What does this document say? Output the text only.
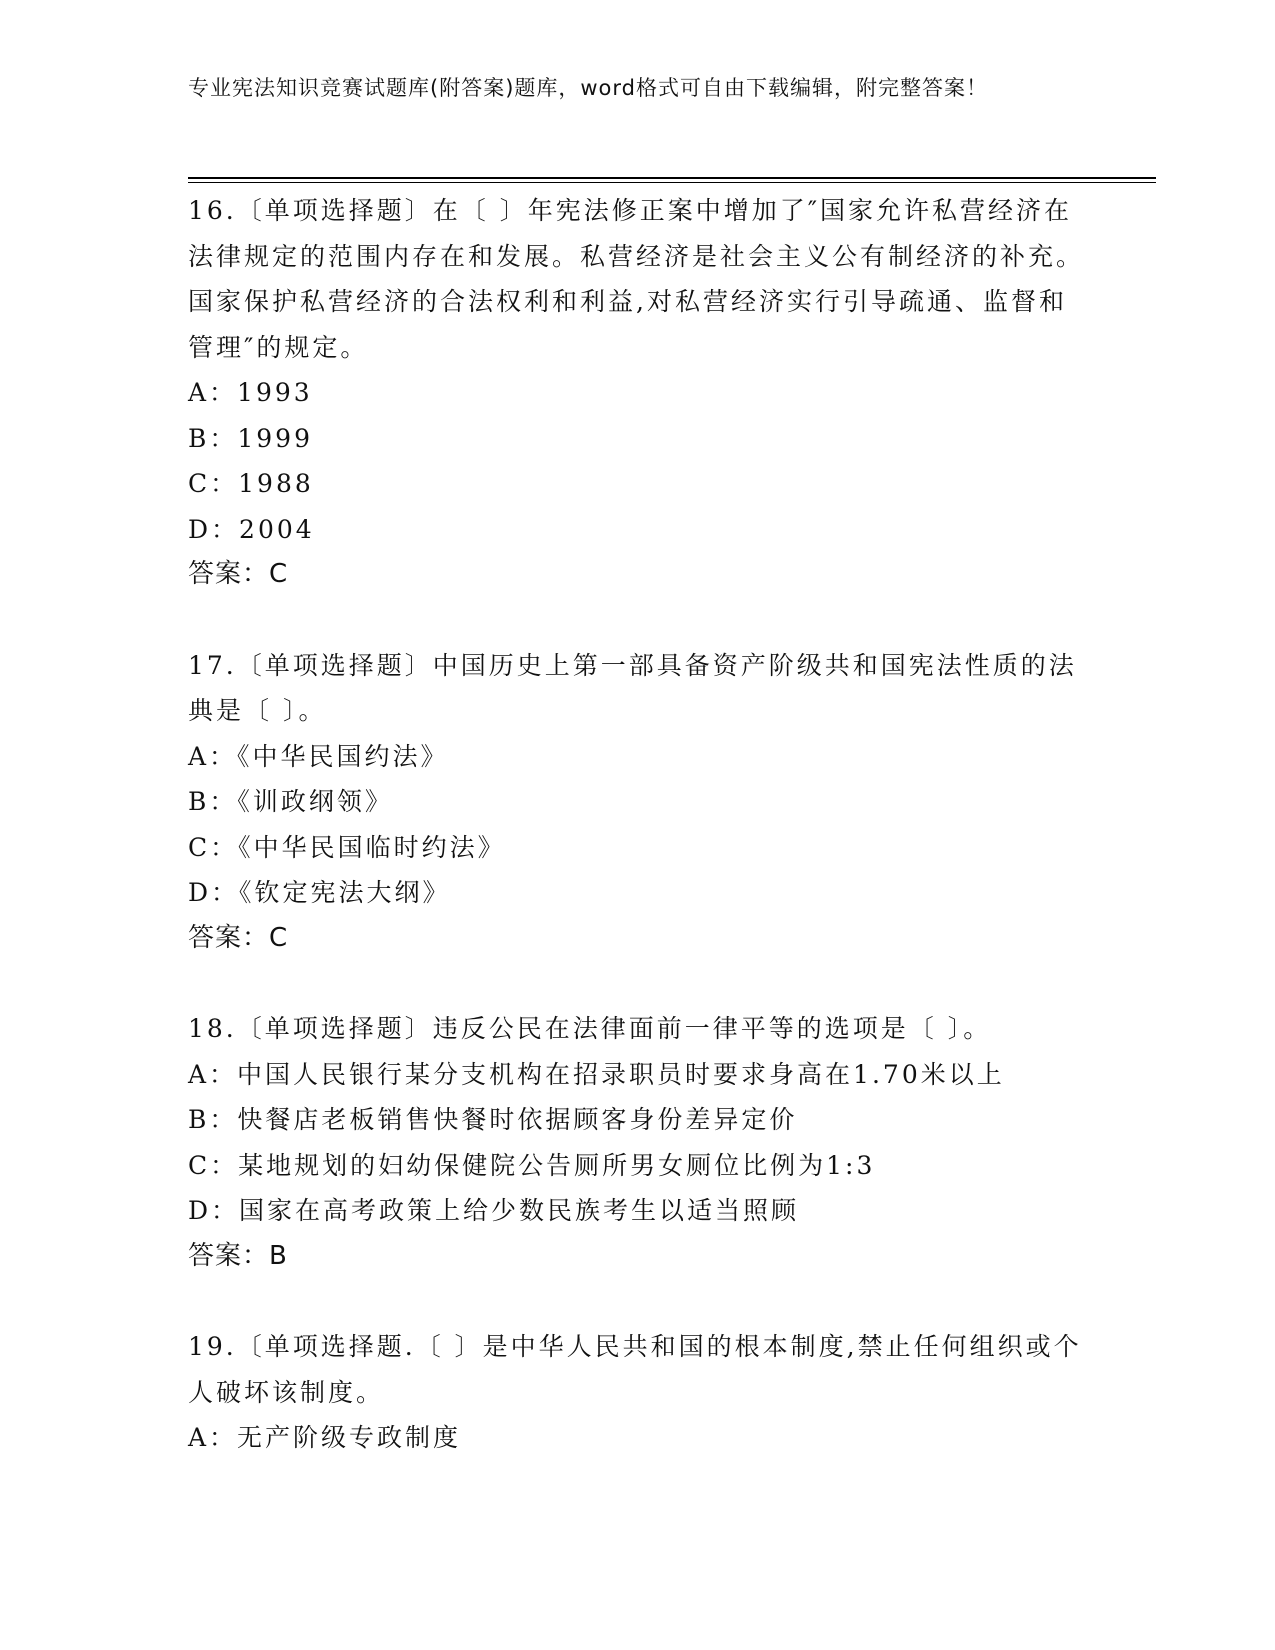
专业宪法知识竞赛试题库(附答案)题库，word格式可自由下载编辑，附完整答案！

16.〔单项选择题〕在〔 〕年宪法修正案中增加了″国家允许私营经济在法律规定的范围内存在和发展。私营经济是社会主义公有制经济的补充。国家保护私营经济的合法权利和利益,对私营经济实行引导疏通、监督和管理″的规定。

A：1993

B：1999

C：1988

D：2004

答案：C

17.〔单项选择题〕中国历史上第一部具备资产阶级共和国宪法性质的法典是〔 〕。

A：《中华民国约法》

B：《训政纲领》

C：《中华民国临时约法》

D：《钦定宪法大纲》

答案：C

18.〔单项选择题〕违反公民在法律面前一律平等的选项是〔 〕。

A：中国人民银行某分支机构在招录职员时要求身高在1.70米以上

B：快餐店老板销售快餐时依据顾客身份差异定价

C：某地规划的妇幼保健院公告厕所男女厕位比例为1:3

D：国家在高考政策上给少数民族考生以适当照顾

答案：B

19.〔单项选择题.〔 〕是中华人民共和国的根本制度,禁止任何组织或个人破坏该制度。

A：无产阶级专政制度
